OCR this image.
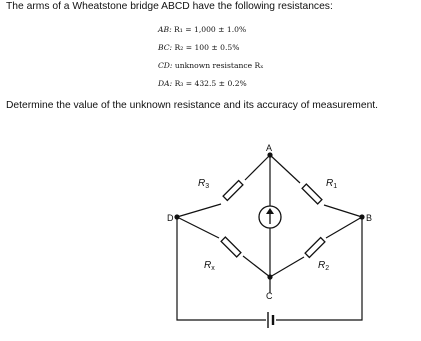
The arms of a Wheatstone bridge ABCD have the following resistances:
AB: R₁ = 1,000 ± 1.0%
BC: R₂ = 100 ± 0.5%
CD: unknown resistance Rₓ
DA: R₃ = 432.5 ± 0.2%
Determine the value of the unknown resistance and its accuracy of measurement.
A
B
C
D
$R_3$	$R_1$
$R_x$	$R_2$
